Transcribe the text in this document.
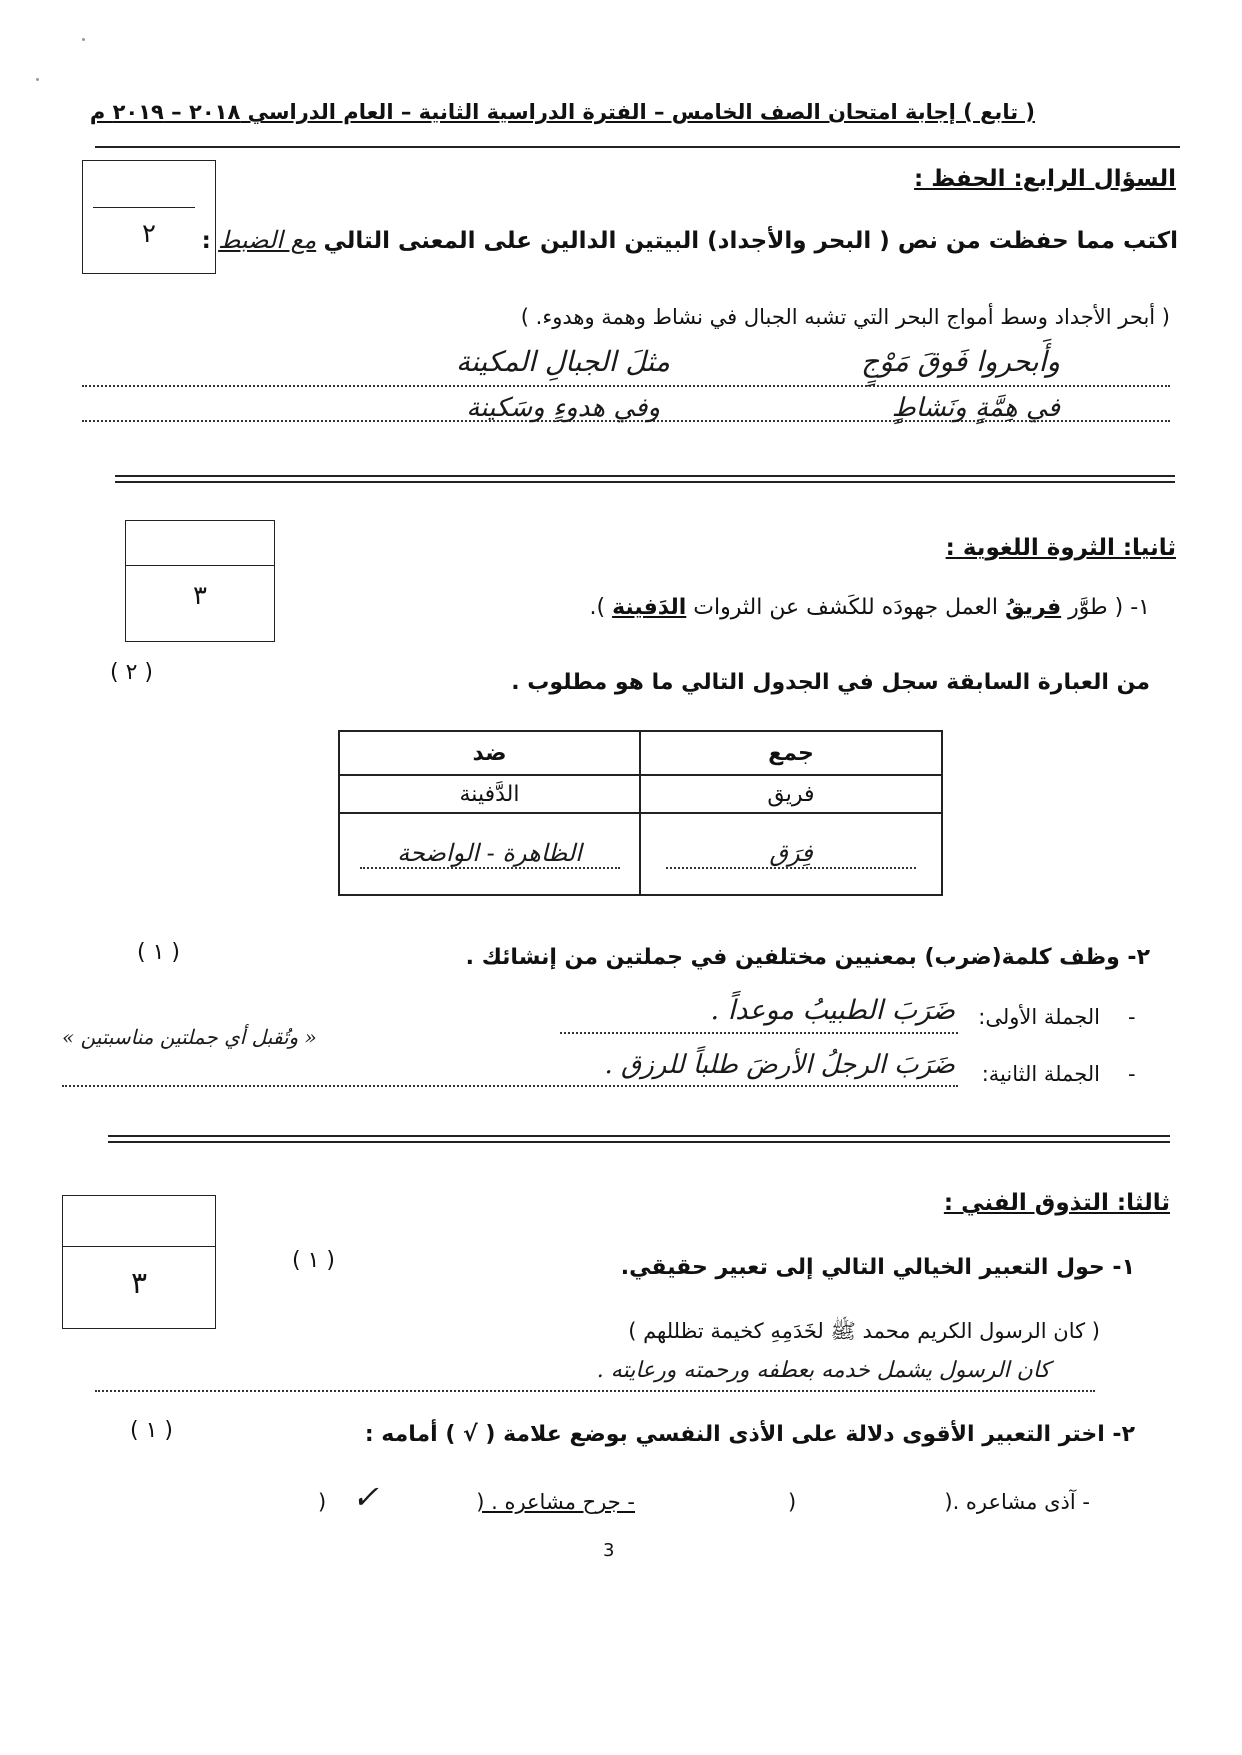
( تابع ) إجابة امتحان الصف الخامس – الفترة الدراسية الثانية – العام الدراسي ٢٠١٨ – ٢٠١٩ م
٢
السؤال الرابع: الحفظ :
اكتب مما حفظت من نص ( البحر والأجداد) البيتين الدالين على المعنى التالي مع الضبط :
( أبحر الأجداد وسط أمواج البحر التي تشبه الجبال في نشاط وهمة وهدوء. )
وأَبحروا فَوقَ مَوْجٍ
مثلَ الجبالِ المكينة
في هِمَّةٍ ونَشاطٍ
وفي هدوءٍ وسَكينة
٣
ثانيا: الثروة اللغوية :
١- ( طوَّر فريقُ العمل جهودَه للكَشف عن الثروات الدَفينة ).
( ٢ )	من العبارة السابقة سجل في الجدول التالي ما هو مطلوب .
جمع	ضد
فريق	الدَّفينة
فِرَق	الظاهرة - الواضحة
٢- وظف كلمة(ضرب) بمعنيين مختلفين في جملتين من إنشائك .
( ١ )
الجملة الأولى: -
ضَرَبَ الطبيبُ موعداً .
« وتُقبل أي جملتين مناسبتين »
الجملة الثانية: -
ضَرَبَ الرجلُ الأرضَ طلباً للرزق .
٣
ثالثا: التذوق الفني :
١- حول التعبير الخيالي التالي إلى تعبير حقيقي.
( ١ )
( كان الرسول الكريم محمد ﷺ لخَدَمِهِ كخيمة تظللهم )
كان الرسول يشمل خدمه بعطفه ورحمته ورعايته .
٢- اختر التعبير الأقوى دلالة على الأذى النفسي بوضع علامة ( √ ) أمامه :
( ١ )
- آذى مشاعره .(
)
- جرح مشاعره . (
✓
)
3
